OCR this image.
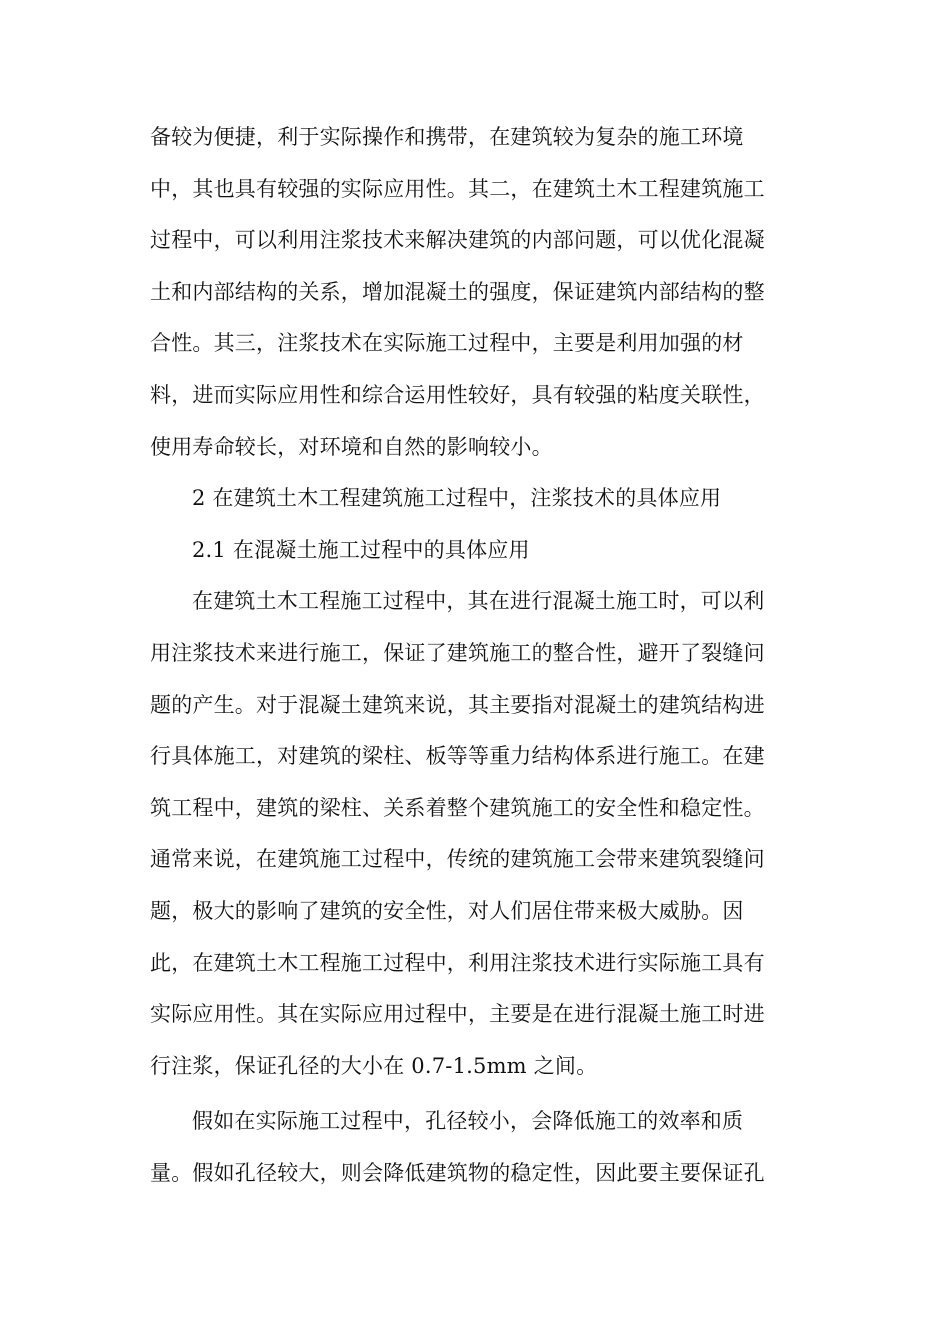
备较为便捷，利于实际操作和携带，在建筑较为复杂的施工环境
中，其也具有较强的实际应用性。其二，在建筑土木工程建筑施工
过程中，可以利用注浆技术来解决建筑的内部问题，可以优化混凝
土和内部结构的关系，增加混凝土的强度，保证建筑内部结构的整
合性。其三，注浆技术在实际施工过程中，主要是利用加强的材
料，进而实际应用性和综合运用性较好，具有较强的粘度关联性，
使用寿命较长，对环境和自然的影响较小。
2 在建筑土木工程建筑施工过程中，注浆技术的具体应用
2.1 在混凝土施工过程中的具体应用
在建筑土木工程施工过程中，其在进行混凝土施工时，可以利
用注浆技术来进行施工，保证了建筑施工的整合性，避开了裂缝问
题的产生。对于混凝土建筑来说，其主要指对混凝土的建筑结构进
行具体施工，对建筑的梁柱、板等等重力结构体系进行施工。在建
筑工程中，建筑的梁柱、关系着整个建筑施工的安全性和稳定性。
通常来说，在建筑施工过程中，传统的建筑施工会带来建筑裂缝问
题，极大的影响了建筑的安全性，对人们居住带来极大威胁。因
此，在建筑土木工程施工过程中，利用注浆技术进行实际施工具有
实际应用性。其在实际应用过程中，主要是在进行混凝土施工时进
行注浆，保证孔径的大小在 0.7-1.5mm 之间。
假如在实际施工过程中，孔径较小，会降低施工的效率和质
量。假如孔径较大，则会降低建筑物的稳定性，因此要主要保证孔
